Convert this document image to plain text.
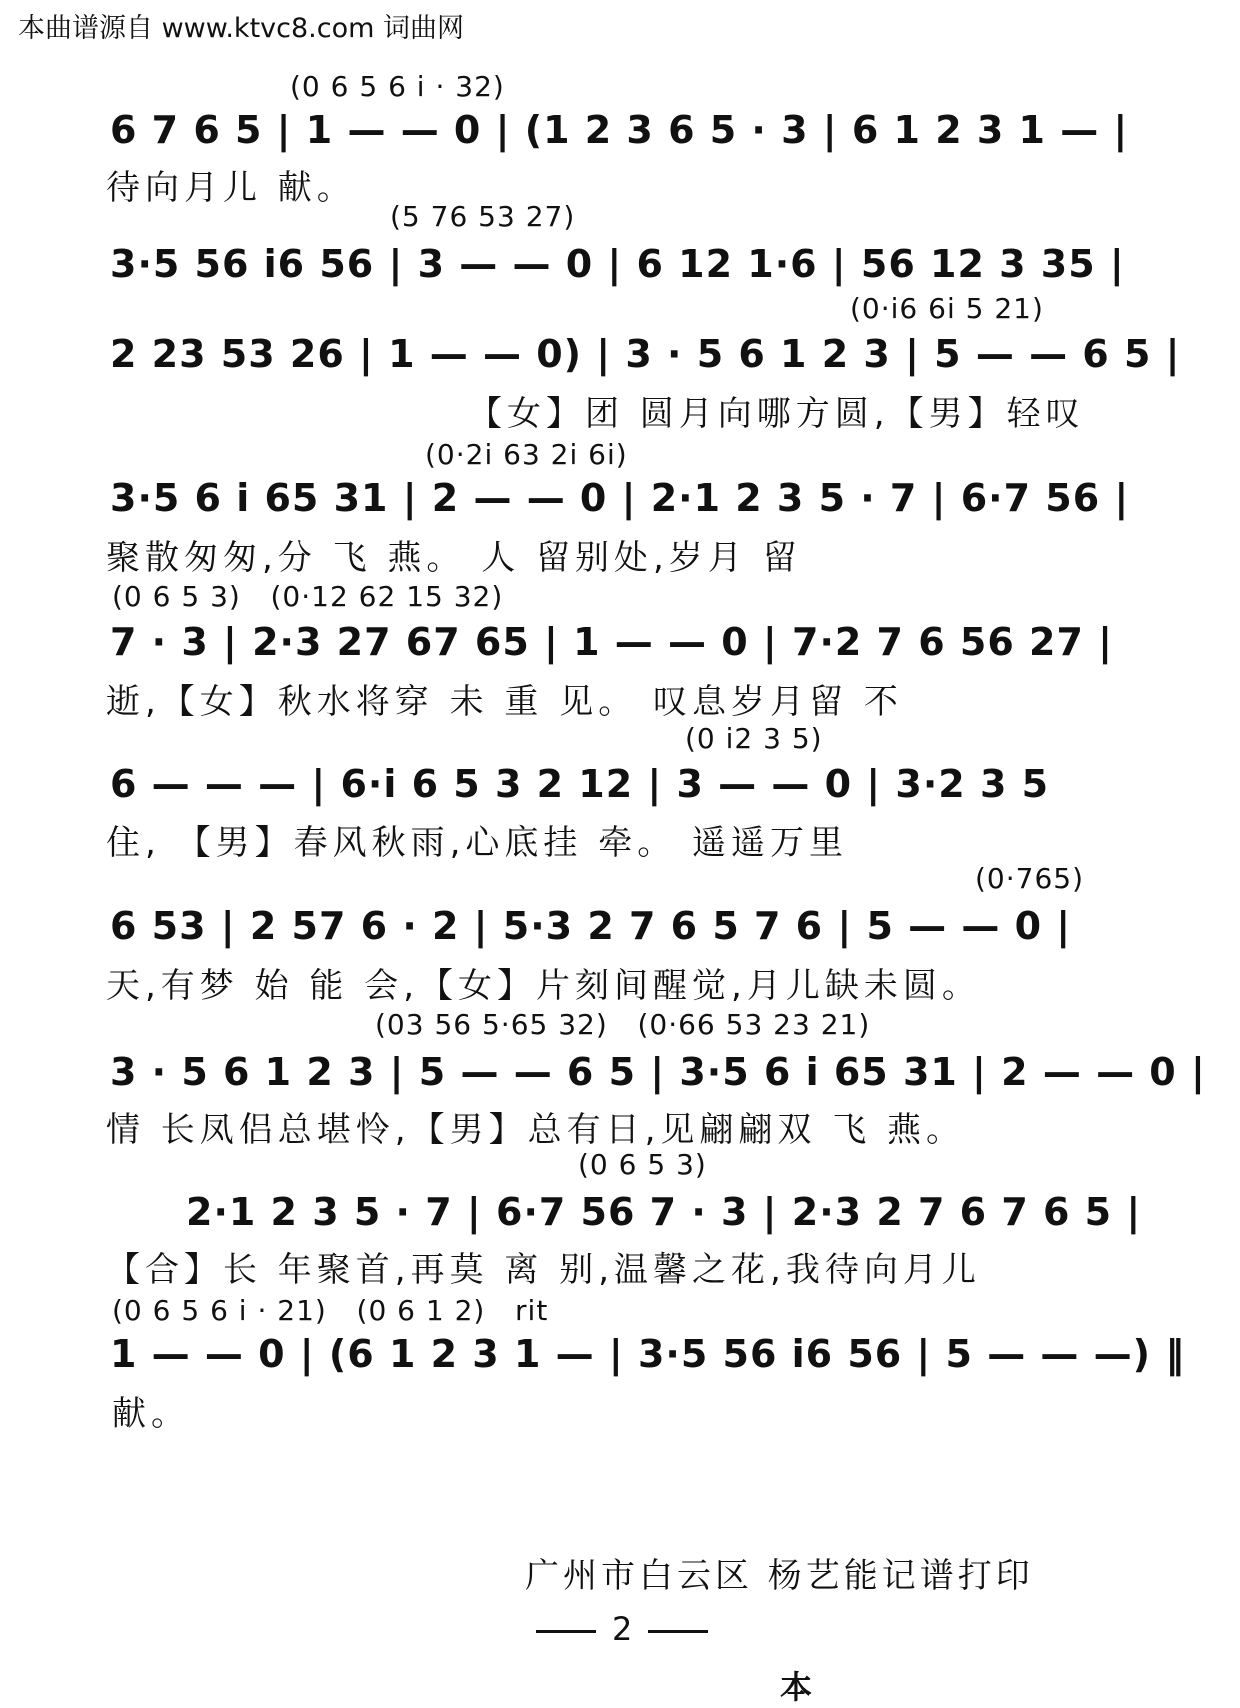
本曲谱源自 www.ktvc8.com 词曲网
(0 6 5 6 i · 32)
6 7 6 5 | 1 — — 0 | (1 2 3 6 5 · 3 | 6 1 2 3 1 — |
待向月儿 献。
(5 76 53 27)
3·5 56 i6 56 | 3 — — 0 | 6 12 1·6 | 56 12 3 35 |
(0·i6 6i 5 21)
2 23 53 26 | 1 — — 0) | 3 · 5 6 1 2 3 | 5 — — 6 5 |
【女】团 圆月向哪方圆,【男】轻叹
(0·2i 63 2i 6i)
3·5 6 i 65 31 | 2 — — 0 | 2·1 2 3 5 · 7 | 6·7 56 |
聚散匆匆,分 飞 燕。 人 留别处,岁月 留
(0 6 5 3)   (0·12 62 15 32)
7 · 3 | 2·3 27 67 65 | 1 — — 0 | 7·2 7 6 56 27 |
逝,【女】秋水将穿 未 重 见。 叹息岁月留 不
(0 i2 3 5)
6 — — — | 6·i 6 5 3 2 12 | 3 — — 0 | 3·2 3 5
住, 【男】春风秋雨,心底挂 牵。 遥遥万里
(0·765)
6 53 | 2 57 6 · 2 | 5·3 2 7 6 5 7 6 | 5 — — 0 |
天,有梦 始 能 会,【女】片刻间醒觉,月儿缺未圆。
(03 56 5·65 32)   (0·66 53 23 21)
3 · 5 6 1 2 3 | 5 — — 6 5 | 3·5 6 i 65 31 | 2 — — 0 |
情 长凤侣总堪怜,【男】总有日,见翩翩双 飞 燕。
(0 6 5 3)
2·1 2 3 5 · 7 | 6·7 56 7 · 3 | 2·3 2 7 6 7 6 5 |
【合】长 年聚首,再莫 离 别,温馨之花,我待向月儿
(0 6 5 6 i · 21)   (0 6 1 2)   rit
1 — — 0 | (6 1 2 3 1 — | 3·5 56 i6 56 | 5 — — —) ‖
献。
广州市白云区 杨艺能记谱打印
2
本
